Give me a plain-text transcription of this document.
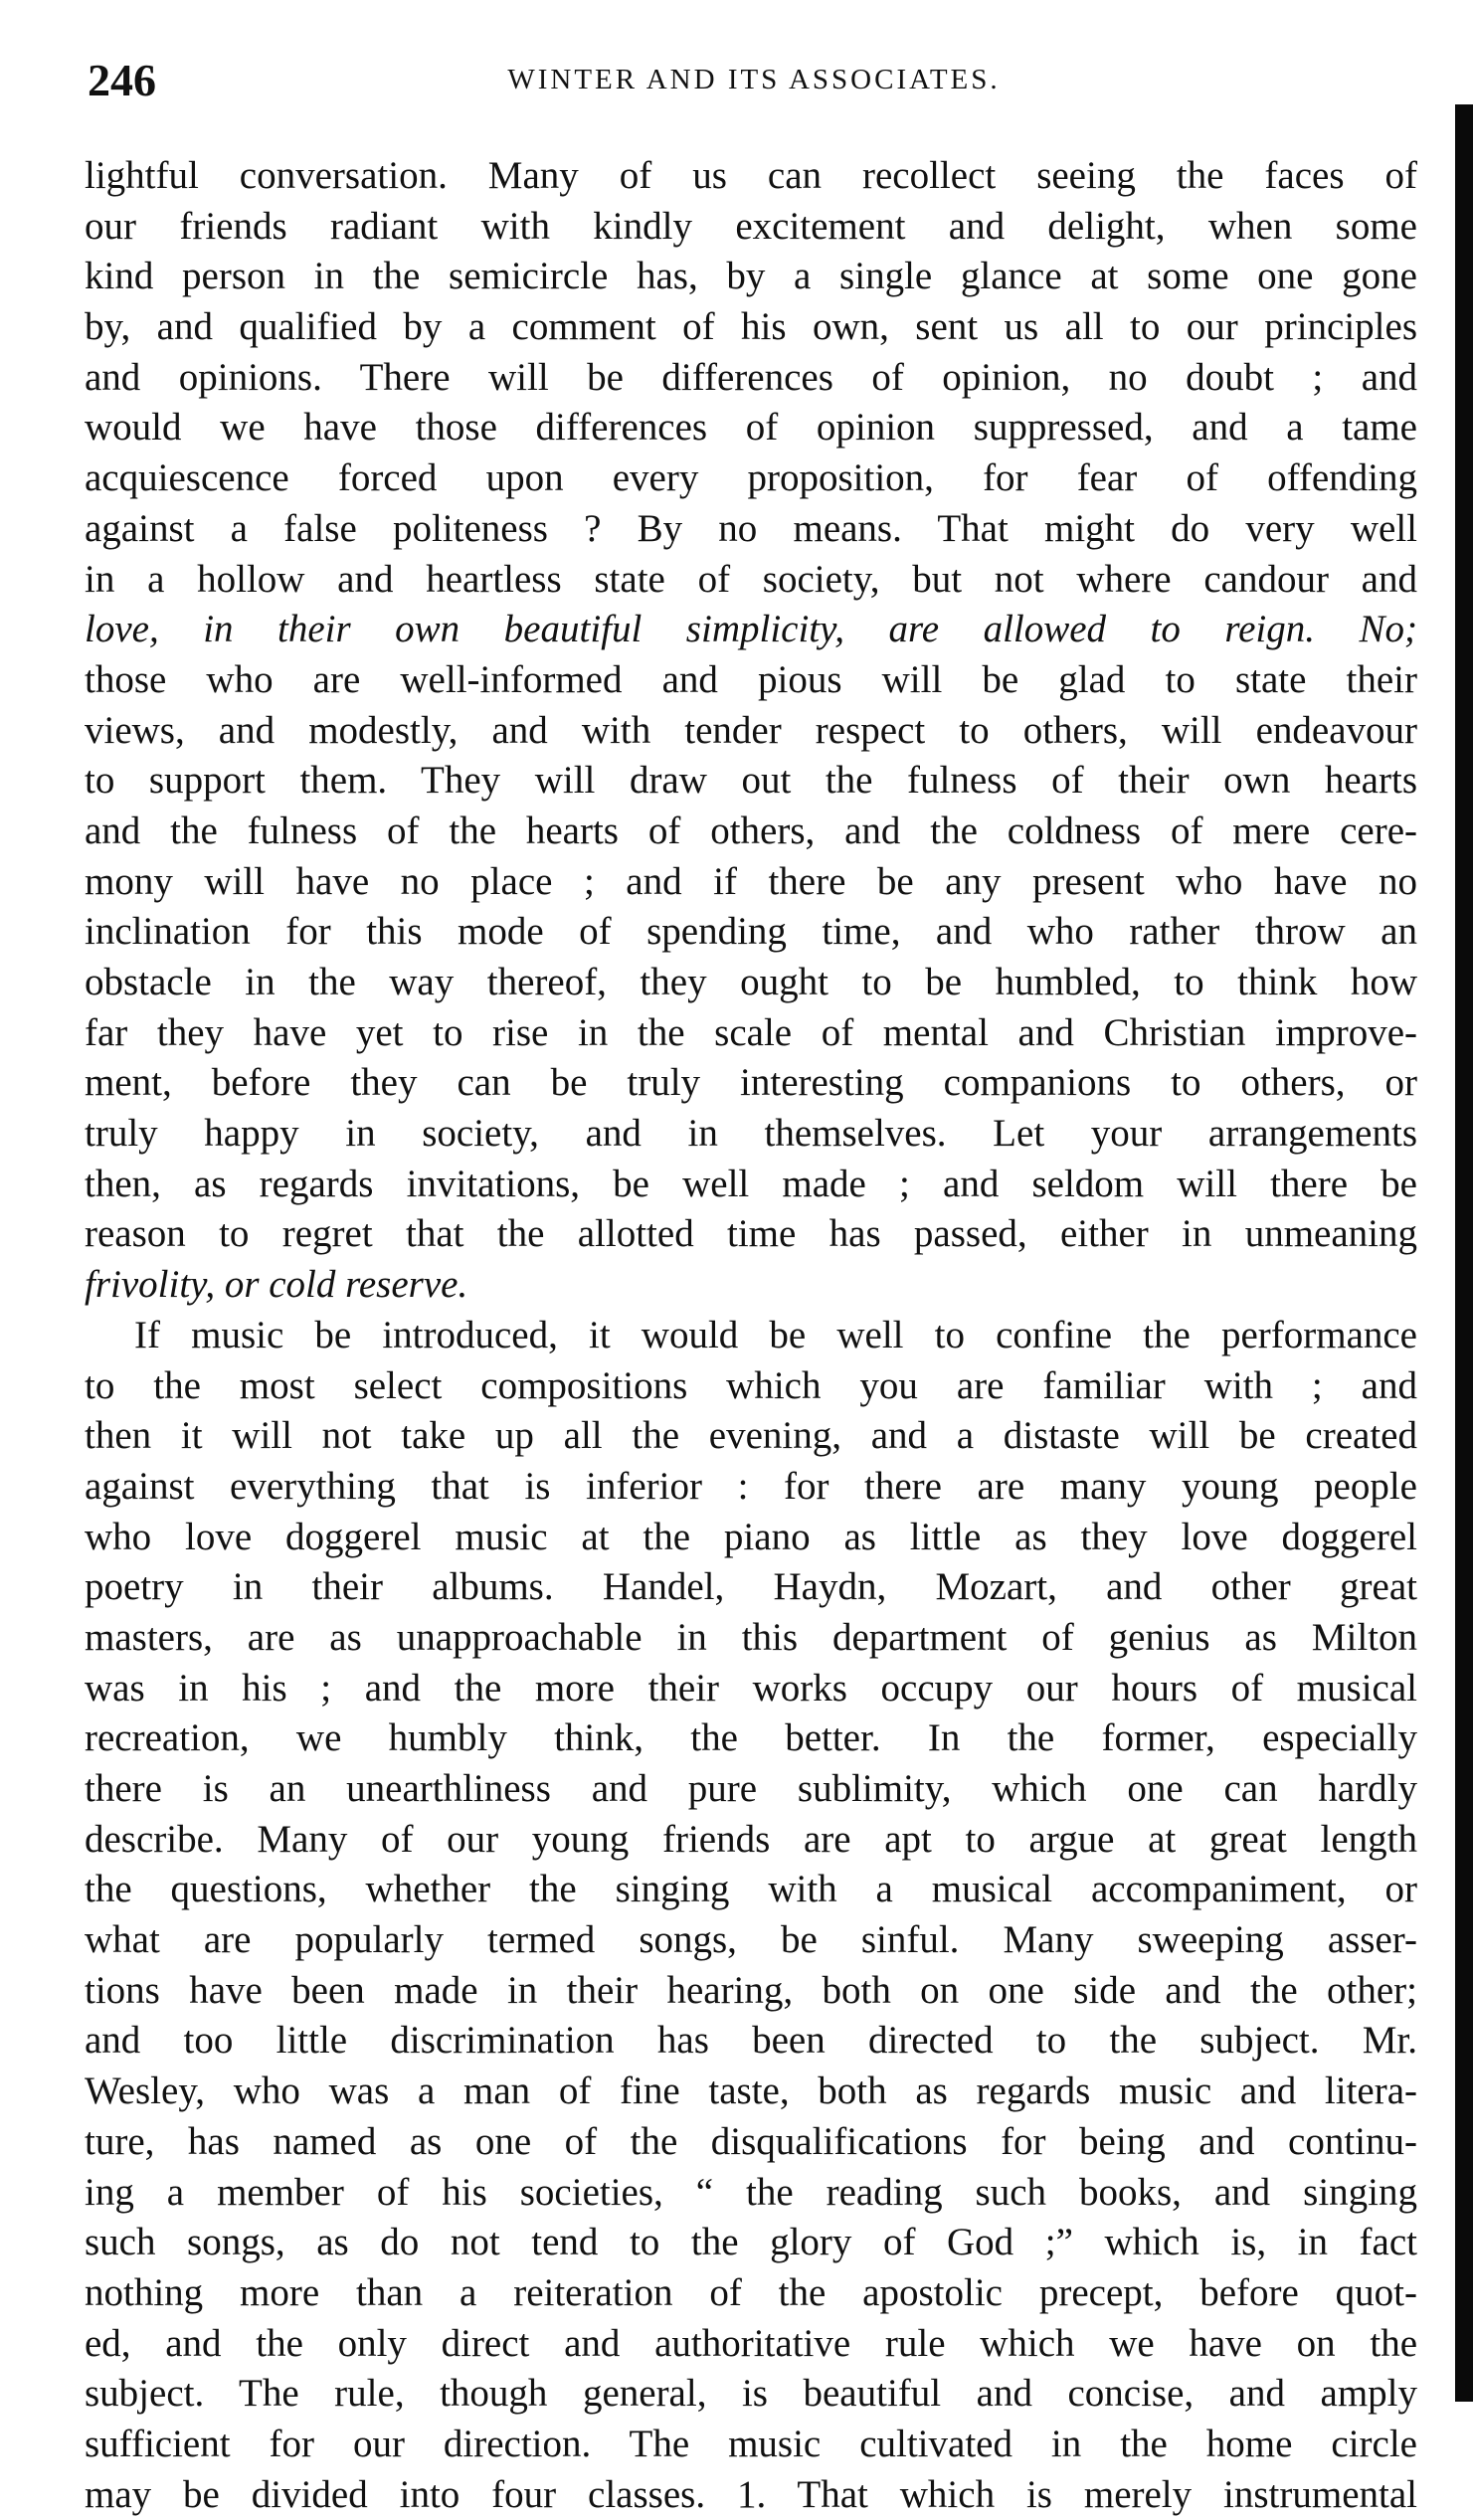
246	WINTER AND ITS ASSOCIATES.
lightful conversation. Many of us can recollect seeing the faces of
our friends radiant with kindly excitement and delight, when some
kind person in the semicircle has, by a single glance at some one gone
by, and qualified by a comment of his own, sent us all to our principles
and opinions. There will be differences of opinion, no doubt ; and
would we have those differences of opinion suppressed, and a tame
acquiescence forced upon every proposition, for fear of offending
against a false politeness ? By no means. That might do very well
in a hollow and heartless state of society, but not where candour and
love, in their own beautiful simplicity, are allowed to reign. No;
those who are well-informed and pious will be glad to state their
views, and modestly, and with tender respect to others, will endeavour
to support them. They will draw out the fulness of their own hearts
and the fulness of the hearts of others, and the coldness of mere cere-
mony will have no place ; and if there be any present who have no
inclination for this mode of spending time, and who rather throw an
obstacle in the way thereof, they ought to be humbled, to think how
far they have yet to rise in the scale of mental and Christian improve-
ment, before they can be truly interesting companions to others, or
truly happy in society, and in themselves. Let your arrangements
then, as regards invitations, be well made ; and seldom will there be
reason to regret that the allotted time has passed, either in unmeaning
frivolity, or cold reserve.
If music be introduced, it would be well to confine the performance
to the most select compositions which you are familiar with ; and
then it will not take up all the evening, and a distaste will be created
against everything that is inferior : for there are many young people
who love doggerel music at the piano as little as they love doggerel
poetry in their albums. Handel, Haydn, Mozart, and other great
masters, are as unapproachable in this department of genius as Milton
was in his ; and the more their works occupy our hours of musical
recreation, we humbly think, the better. In the former, especially
there is an unearthliness and pure sublimity, which one can hardly
describe. Many of our young friends are apt to argue at great length
the questions, whether the singing with a musical accompaniment, or
what are popularly termed songs, be sinful. Many sweeping asser-
tions have been made in their hearing, both on one side and the other;
and too little discrimination has been directed to the subject. Mr.
Wesley, who was a man of fine taste, both as regards music and litera-
ture, has named as one of the disqualifications for being and continu-
ing a member of his societies, “ the reading such books, and singing
such songs, as do not tend to the glory of God ;” which is, in fact
nothing more than a reiteration of the apostolic precept, before quot-
ed, and the only direct and authoritative rule which we have on the
subject. The rule, though general, is beautiful and concise, and amply
sufficient for our direction. The music cultivated in the home circle
may be divided into four classes. 1. That which is merely instrumental
